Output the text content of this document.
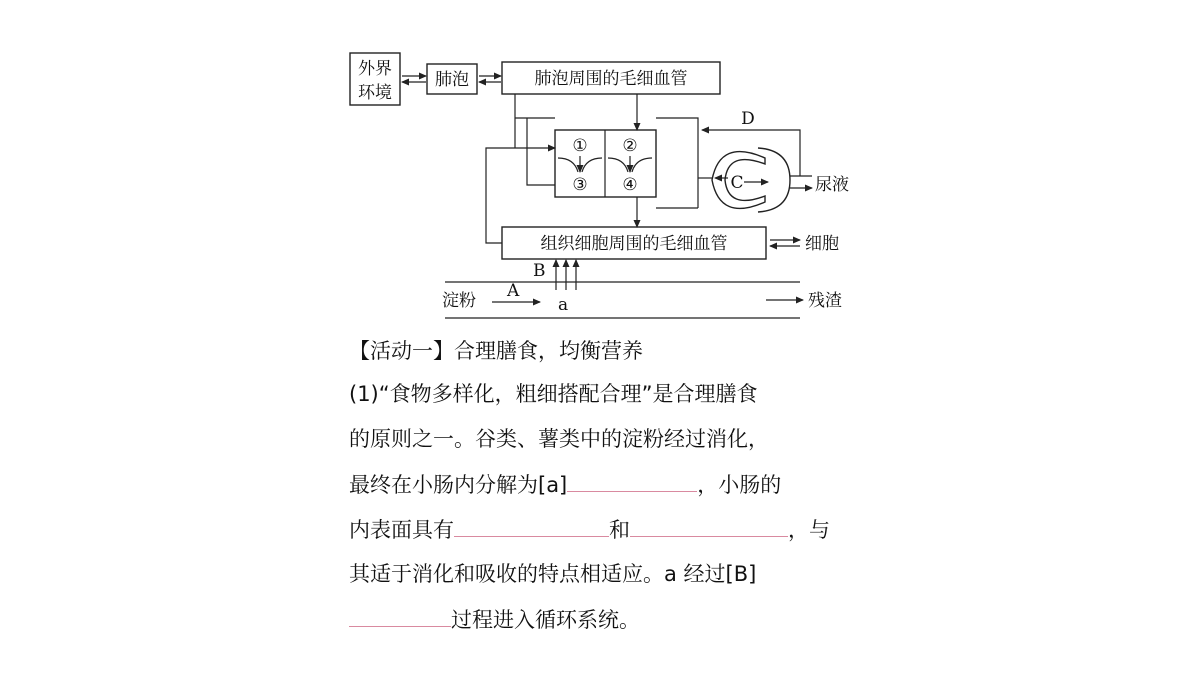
外界
环境
肺泡	肺泡周围的毛细血管
① ②
③ ④	C	尿液
D
组织细胞周围的毛细血管	细胞
B
淀粉 A
a	残渣
【活动一】合理膳食，均衡营养
(1)“食物多样化，粗细搭配合理”是合理膳食
的原则之一。谷类、薯类中的淀粉经过消化，
最终在小肠内分解为[a]	，小肠的
内表面具有	和	，与
其适于消化和吸收的特点相适应。a 经过[B]
过程进入循环系统。
